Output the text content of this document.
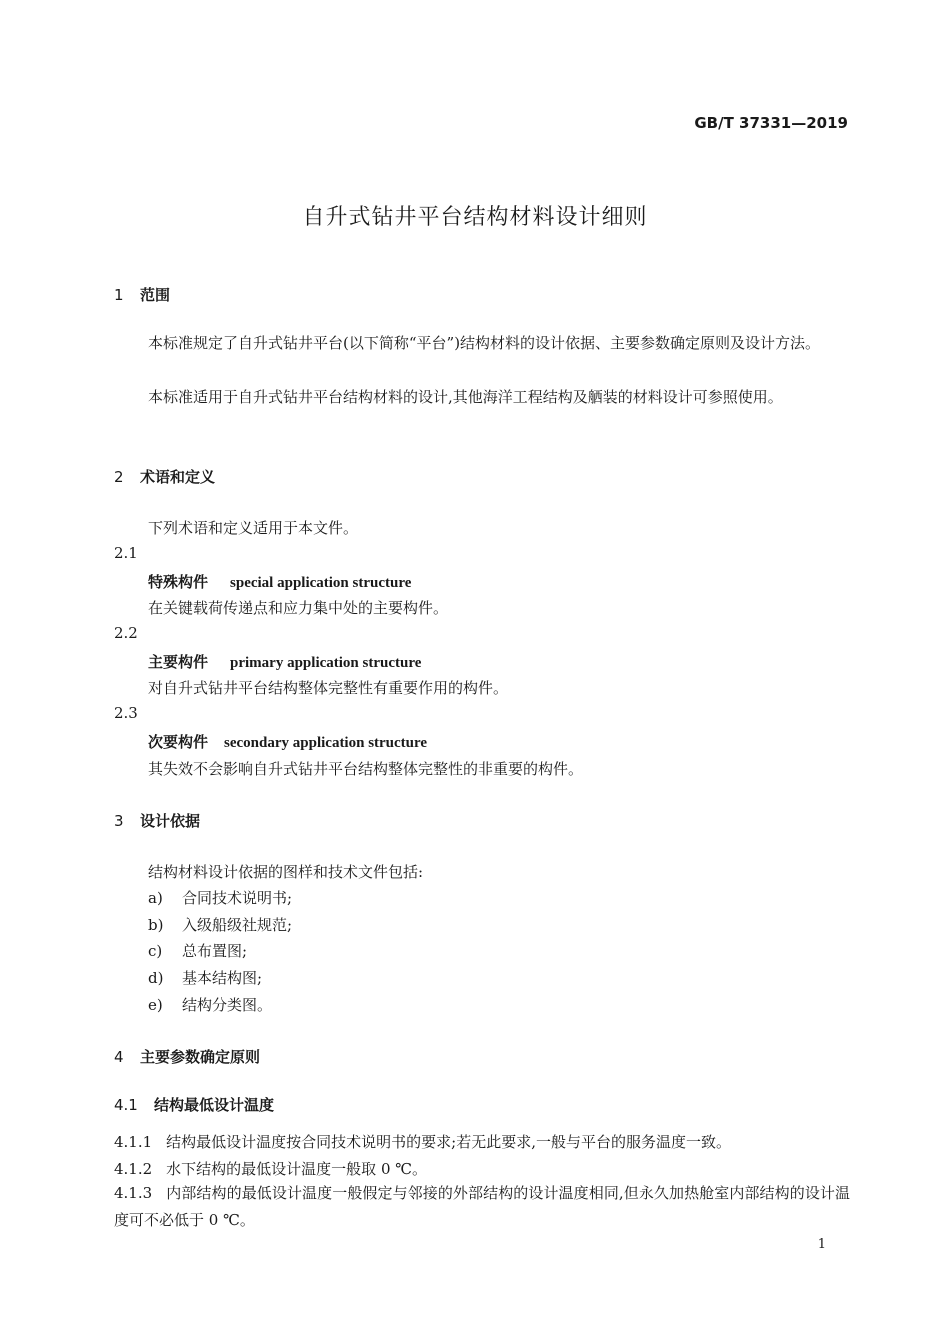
GB/T 37331—2019
自升式钻井平台结构材料设计细则
1 范围
本标准规定了自升式钻井平台(以下简称“平台”)结构材料的设计依据、主要参数确定原则及设计方法。
本标准适用于自升式钻井平台结构材料的设计,其他海洋工程结构及舾装的材料设计可参照使用。
2 术语和定义
下列术语和定义适用于本文件。
2.1
特殊构件 special application structure
在关键载荷传递点和应力集中处的主要构件。
2.2
主要构件 primary application structure
对自升式钻井平台结构整体完整性有重要作用的构件。
2.3
次要构件 secondary application structure
其失效不会影响自升式钻井平台结构整体完整性的非重要的构件。
3 设计依据
结构材料设计依据的图样和技术文件包括:
a) 合同技术说明书;
b) 入级船级社规范;
c) 总布置图;
d) 基本结构图;
e) 结构分类图。
4 主要参数确定原则
4.1 结构最低设计温度
4.1.1 结构最低设计温度按合同技术说明书的要求;若无此要求,一般与平台的服务温度一致。
4.1.2 水下结构的最低设计温度一般取 0 ℃。
4.1.3 内部结构的最低设计温度一般假定与邻接的外部结构的设计温度相同,但永久加热舱室内部结构的设计温度可不必低于 0 ℃。
1
